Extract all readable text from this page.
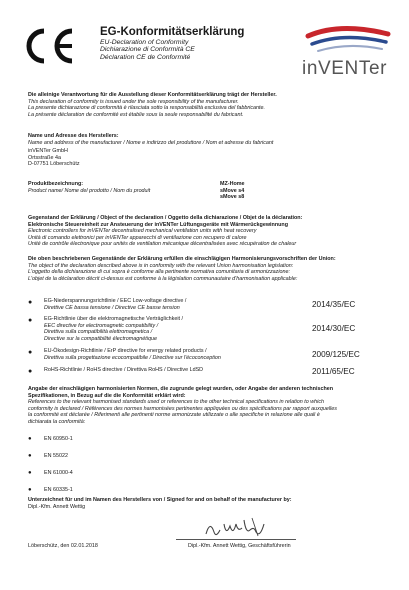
EG-Konformitätserklärung
EU-Declaration of Conformity
Dichiarazione di Conformità CE
Déclaration CE de Conformité
inVENTer
Die alleinige Verantwortung für die Ausstellung dieser Konformitätserklärung trägt der Hersteller.
This declaration of conformity is issued under the sole responsibility of the manufacturer.
La presente dichiarazione di conformità è rilasciata sotto la responsabilità esclusiva del fabbricante.
La présente déclaration de conformité est établie sous la seule responsabilité du fabricant.
Name und Adresse des Herstellers:
Name and address of the manufacturer / Nome e indirizzo del produttore / Nom et adresse du fabricant
inVENTer GmbH
Ortsstraße 4a
D-07751 Löberschütz
Produktbezeichnung:
Product name/ Nome del prodotto / Nom du produit
MZ-Home
sMove s4
sMove s8
Gegenstand der Erklärung / Object of the declaration / Oggetto della dichiarazione / Objet de la déclaration:
Elektronische Steuereinheit zur Ansteuerung der inVENTer Lüftungsgeräte mit Wärmerückgewinnung
Electronic controllers for inVENTer decentralised mechanical ventilation units with heat recovery
Unità di comando elettronici per inVENTer apparecchi di ventilazione con recupero di calore
Unité de contrôle électronique pour unités de ventilation mécanique décentralisées avec récupération de chaleur
Die oben beschriebenen Gegenstände der Erklärung erfüllen die einschlägigen Harmonisierungsvorschriften der Union:
The object of the declaration described above is in conformity with the relevant Union harmonisation legislation:
L'oggetto della dichiarazione di cui sopra è conforme alla pertinente normativa comunitaria di armonizzazione:
L'objet de la déclaration décrit ci-dessus est conforme à la législation communautaire d'harmonisation applicable:
● EG-Niederspannungsrichtlinie / EEC Low-voltage directive /
Direttive CE bassa tensione / Directive CE basse tension	2014/35/EC
● EG-Richtlinie über die elektromagnetische Verträglichkeit /
EEC directive for electromagnetic compatibility /
Direttiva sulla compatibilità elettromagnetica /
Directive sur la compatibilité électromagnétique
2014/30/EC
● EU-Ökodesign-Richtlinie / ErP directive for energy related products /
Direttiva sulla progettazione ecocompatibile / Directive sur l'écoconception	2009/125/EC
● RoHS-Richtlinie / RoHS directive / Direttiva RoHS / Directive LdSD	2011/65/EC
Angabe der einschlägigen harmonisierten Normen, die zugrunde gelegt wurden, oder Angabe der anderen technischen
Spezifikationen, in Bezug auf die die Konformität erklärt wird:
References to the relevant harmonised standards used or references to the other technical specifications in relation to which
conformity is declared / Références des normes harmonisées pertinentes appliquées ou des spécifications par rapport auxquelles
la conformité est déclarée / Riferimenti alle pertinenti norme armonizzate utilizzate o alle specifiche in relazione alle quali è
dichiarata la conformità:
● EN 60950-1
● EN 55022
● EN 61000-4
● EN 60335-1
Unterzeichnet für und im Namen des Herstellers von / Signed for and on behalf of the manufacturer by:
Dipl.-Kfm. Annett Wettig
Löberschütz, den 02.01.2018	Dipl.-Kfm. Annett Wettig, Geschäftsführerin
